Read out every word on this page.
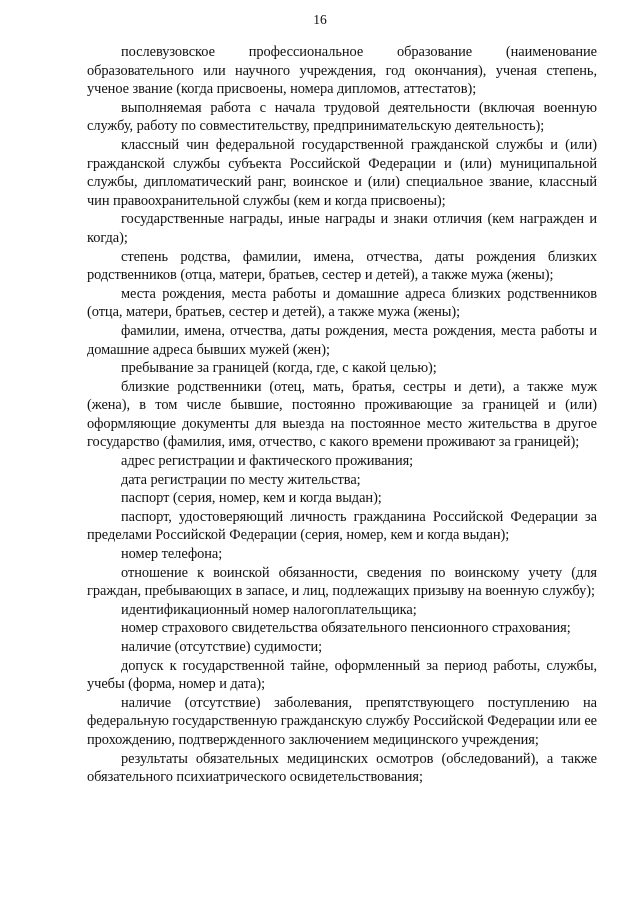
16

послевузовское профессиональное образование (наименование образовательного или научного учреждения, год окончания), ученая степень, ученое звание (когда присвоены, номера дипломов, аттестатов);

выполняемая работа с начала трудовой деятельности (включая военную службу, работу по совместительству, предпринимательскую деятельность);

классный чин федеральной государственной гражданской службы и (или) гражданской службы субъекта Российской Федерации и (или) муниципальной службы, дипломатический ранг, воинское и (или) специальное звание, классный чин правоохранительной службы (кем и когда присвоены);

государственные награды, иные награды и знаки отличия (кем награжден и когда);

степень родства, фамилии, имена, отчества, даты рождения близких родственников (отца, матери, братьев, сестер и детей), а также мужа (жены);

места рождения, места работы и домашние адреса близких родственников (отца, матери, братьев, сестер и детей), а также мужа (жены);

фамилии, имена, отчества, даты рождения, места рождения, места работы и домашние адреса бывших мужей (жен);

пребывание за границей (когда, где, с какой целью);

близкие родственники (отец, мать, братья, сестры и дети), а также муж (жена), в том числе бывшие, постоянно проживающие за границей и (или) оформляющие документы для выезда на постоянное место жительства в другое государство (фамилия, имя, отчество, с какого времени проживают за границей);

адрес регистрации и фактического проживания;

дата регистрации по месту жительства;

паспорт (серия, номер, кем и когда выдан);

паспорт, удостоверяющий личность гражданина Российской Федерации за пределами Российской Федерации (серия, номер, кем и когда выдан);

номер телефона;

отношение к воинской обязанности, сведения по воинскому учету (для граждан, пребывающих в запасе, и лиц, подлежащих призыву на военную службу);

идентификационный номер налогоплательщика;

номер страхового свидетельства обязательного пенсионного страхования;

наличие (отсутствие) судимости;

допуск к государственной тайне, оформленный за период работы, службы, учебы (форма, номер и дата);

наличие (отсутствие) заболевания, препятствующего поступлению на федеральную государственную гражданскую службу Российской Федерации или ее прохождению, подтвержденного заключением медицинского учреждения;

результаты обязательных медицинских осмотров (обследований), а также обязательного психиатрического освидетельствования;
